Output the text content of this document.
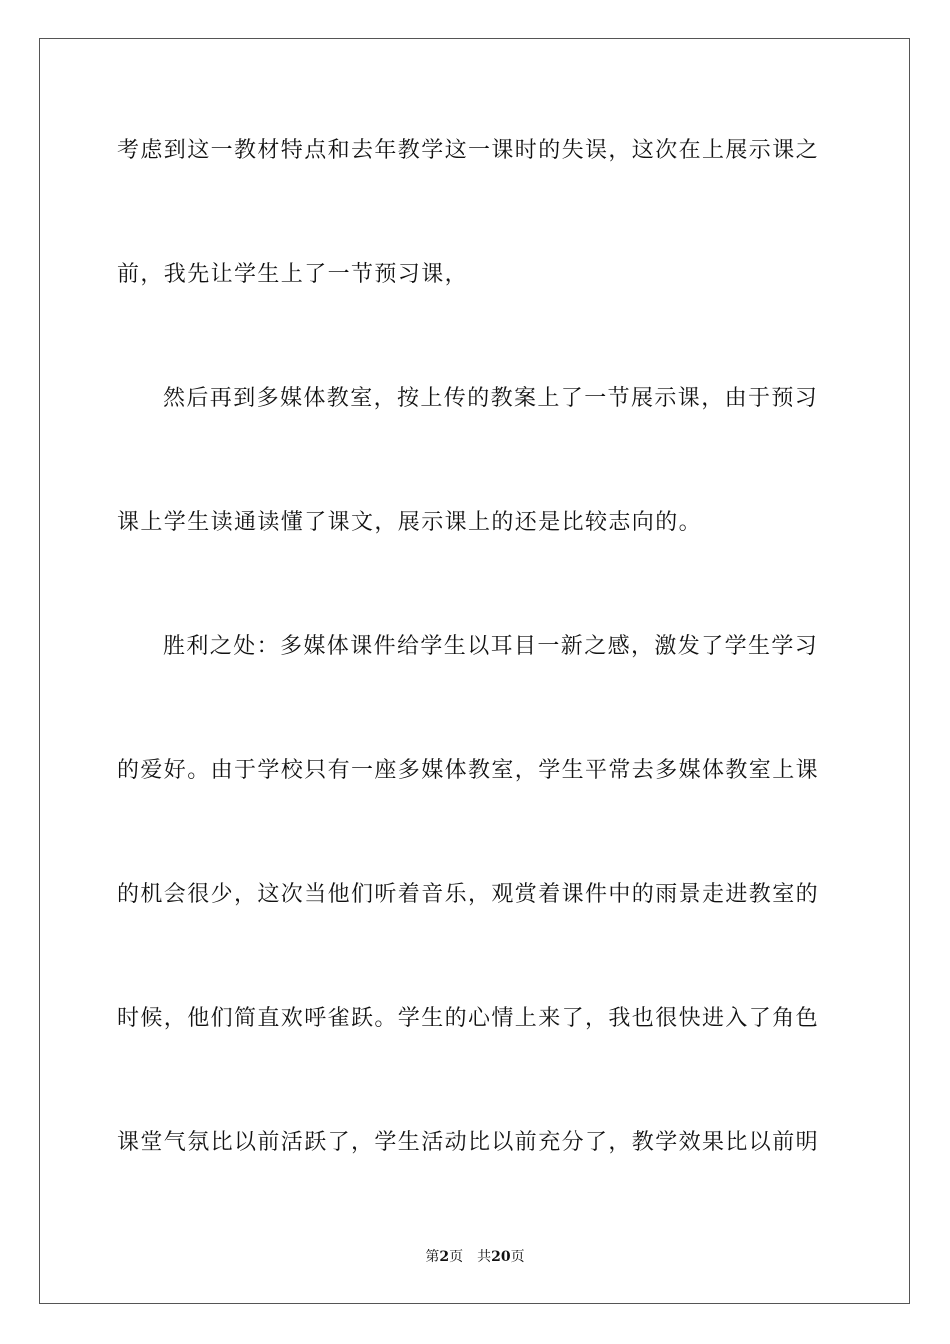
考虑到这一教材特点和去年教学这一课时的失误，这次在上展示课之
前，我先让学生上了一节预习课，
然后再到多媒体教室，按上传的教案上了一节展示课，由于预习
课上学生读通读懂了课文，展示课上的还是比较志向的。
胜利之处：多媒体课件给学生以耳目一新之感，激发了学生学习
的爱好。由于学校只有一座多媒体教室，学生平常去多媒体教室上课
的机会很少，这次当他们听着音乐，观赏着课件中的雨景走进教室的
时候，他们简直欢呼雀跃。学生的心情上来了，我也很快进入了角色
课堂气氛比以前活跃了，学生活动比以前充分了，教学效果比以前明
第2页 共20页
